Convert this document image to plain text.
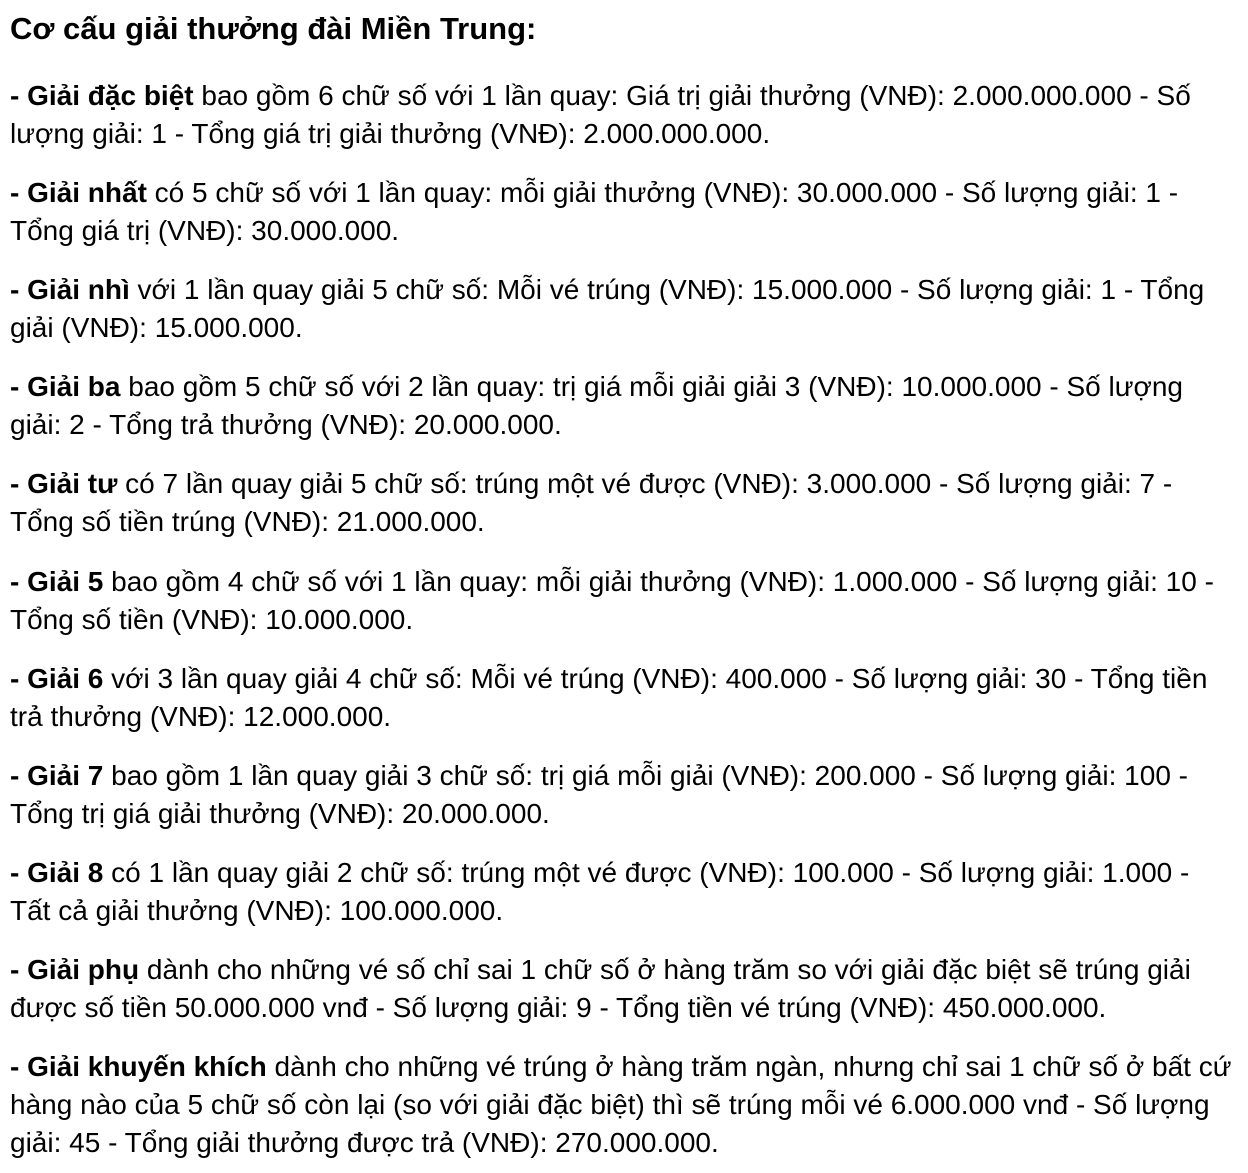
Cơ cấu giải thưởng đài Miền Trung:

- Giải đặc biệt bao gồm 6 chữ số với 1 lần quay: Giá trị giải thưởng (VNĐ): 2.000.000.000 - Số lượng giải: 1 - Tổng giá trị giải thưởng (VNĐ): 2.000.000.000.

- Giải nhất có 5 chữ số với 1 lần quay: mỗi giải thưởng (VNĐ): 30.000.000 - Số lượng giải: 1 - Tổng giá trị (VNĐ): 30.000.000.

- Giải nhì với 1 lần quay giải 5 chữ số: Mỗi vé trúng (VNĐ): 15.000.000 - Số lượng giải: 1 - Tổng giải (VNĐ): 15.000.000.

- Giải ba bao gồm 5 chữ số với 2 lần quay: trị giá mỗi giải giải 3 (VNĐ): 10.000.000 - Số lượng giải: 2 - Tổng trả thưởng (VNĐ): 20.000.000.

- Giải tư có 7 lần quay giải 5 chữ số: trúng một vé được (VNĐ): 3.000.000 - Số lượng giải: 7 - Tổng số tiền trúng (VNĐ): 21.000.000.

- Giải 5 bao gồm 4 chữ số với 1 lần quay: mỗi giải thưởng (VNĐ): 1.000.000 - Số lượng giải: 10 - Tổng số tiền (VNĐ): 10.000.000.

- Giải 6 với 3 lần quay giải 4 chữ số: Mỗi vé trúng (VNĐ): 400.000 - Số lượng giải: 30 - Tổng tiền trả thưởng (VNĐ): 12.000.000.

- Giải 7 bao gồm 1 lần quay giải 3 chữ số: trị giá mỗi giải (VNĐ): 200.000 - Số lượng giải: 100 - Tổng trị giá giải thưởng (VNĐ): 20.000.000.

- Giải 8 có 1 lần quay giải 2 chữ số: trúng một vé được (VNĐ): 100.000 - Số lượng giải: 1.000 - Tất cả giải thưởng (VNĐ): 100.000.000.

- Giải phụ dành cho những vé số chỉ sai 1 chữ số ở hàng trăm so với giải đặc biệt sẽ trúng giải được số tiền 50.000.000 vnđ - Số lượng giải: 9 - Tổng tiền vé trúng (VNĐ): 450.000.000.

- Giải khuyến khích dành cho những vé trúng ở hàng trăm ngàn, nhưng chỉ sai 1 chữ số ở bất cứ hàng nào của 5 chữ số còn lại (so với giải đặc biệt) thì sẽ trúng mỗi vé 6.000.000 vnđ - Số lượng giải: 45 - Tổng giải thưởng được trả (VNĐ): 270.000.000.
